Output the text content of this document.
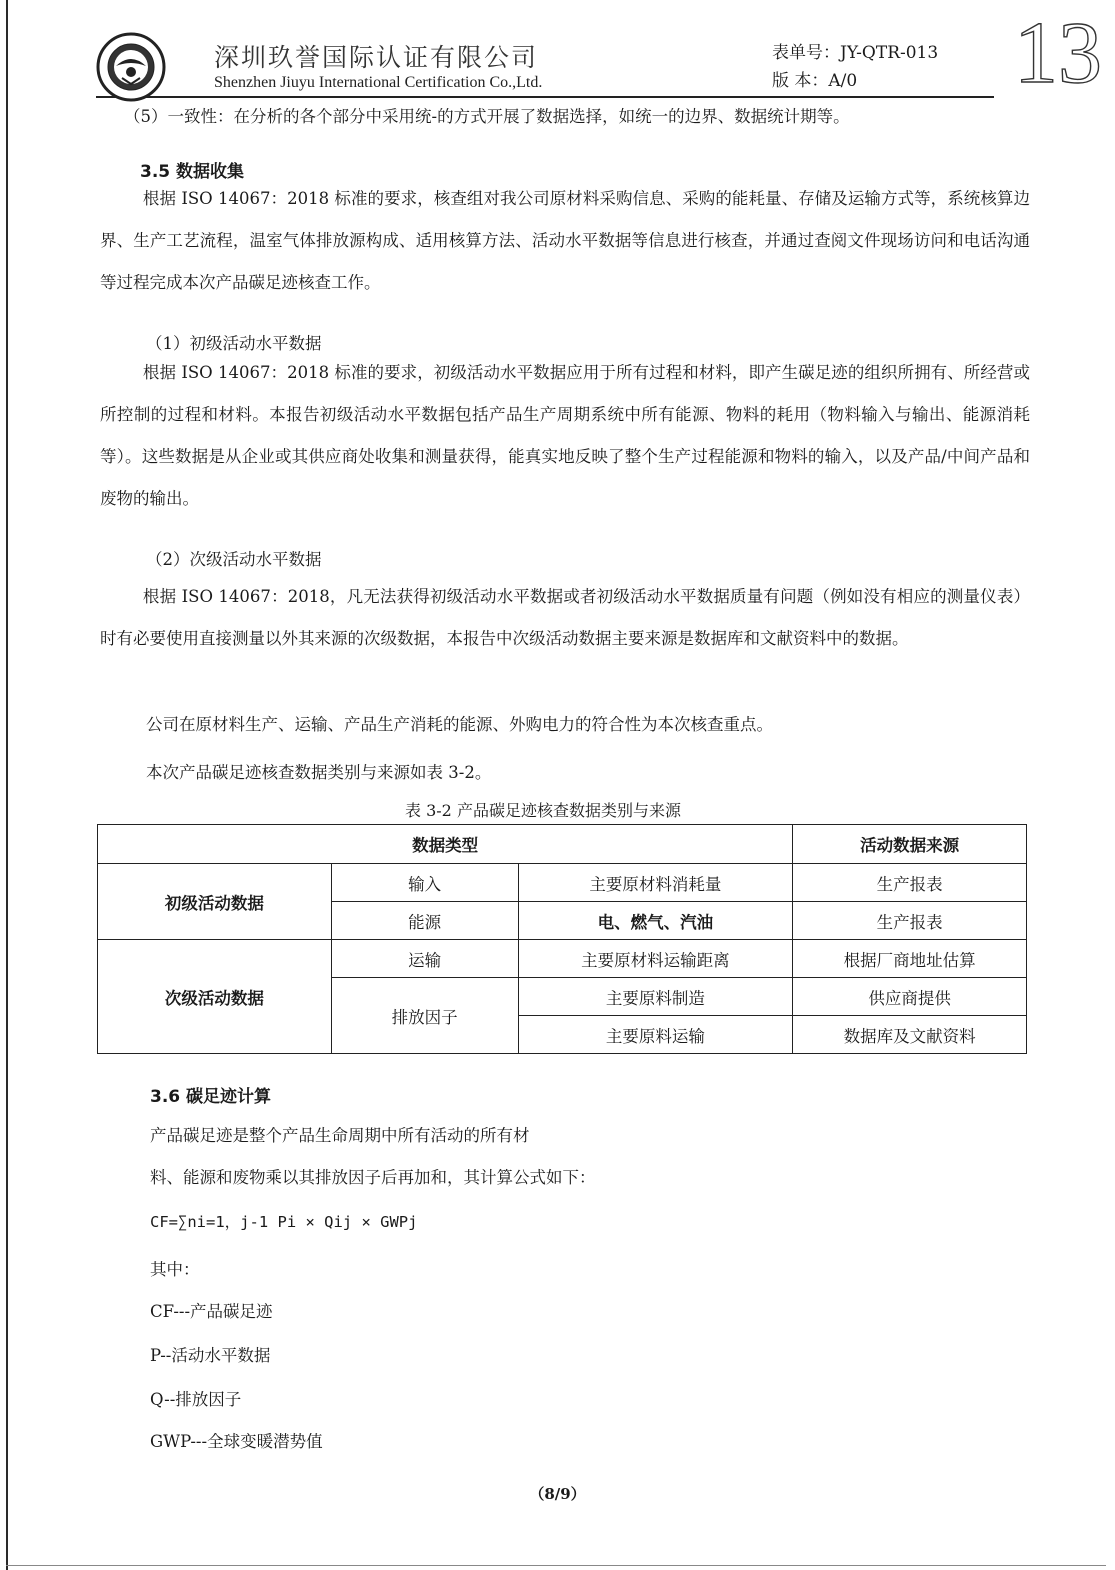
深圳玖誉国际认证有限公司
Shenzhen Jiuyu International Certification Co.,Ltd.
表单号：JY-QTR-013
版 本：A/0 13
（5）一致性：在分析的各个部分中采用统-的方式开展了数据选择，如统一的边界、数据统计期等。
3.5 数据收集
根据 ISO 14067：2018 标准的要求，核查组对我公司原材料采购信息、采购的能耗量、存储及运输方式等，系统核算边界、生产工艺流程，温室气体排放源构成、适用核算方法、活动水平数据等信息进行核查，并通过查阅文件现场访问和电话沟通等过程完成本次产品碳足迹核查工作。
（1）初级活动水平数据
根据 ISO 14067：2018 标准的要求，初级活动水平数据应用于所有过程和材料，即产生碳足迹的组织所拥有、所经营或所控制的过程和材料。本报告初级活动水平数据包括产品生产周期系统中所有能源、物料的耗用（物料输入与输出、能源消耗等）。这些数据是从企业或其供应商处收集和测量获得，能真实地反映了整个生产过程能源和物料的输入，以及产品/中间产品和废物的输出。
（2）次级活动水平数据
根据 ISO 14067：2018，凡无法获得初级活动水平数据或者初级活动水平数据质量有问题（例如没有相应的测量仪表）时有必要使用直接测量以外其来源的次级数据，本报告中次级活动数据主要来源是数据库和文献资料中的数据。
公司在原材料生产、运输、产品生产消耗的能源、外购电力的符合性为本次核查重点。
本次产品碳足迹核查数据类别与来源如表 3-2。
表 3-2 产品碳足迹核查数据类别与来源
数据类型			活动数据来源
初级活动数据	输入	主要原材料消耗量	生产报表
	能源	电、燃气、汽油	生产报表
次级活动数据	运输	主要原材料运输距离	根据厂商地址估算
	排放因子	主要原料制造	供应商提供
		主要原料运输	数据库及文献资料
3.6 碳足迹计算
产品碳足迹是整个产品生命周期中所有活动的所有材
料、能源和废物乘以其排放因子后再加和，其计算公式如下：
CF=∑ni=1，j-1 Pi × Qij × GWPj
其中：
CF---产品碳足迹
P--活动水平数据
Q--排放因子
GWP---全球变暖潜势值
（8/9）
